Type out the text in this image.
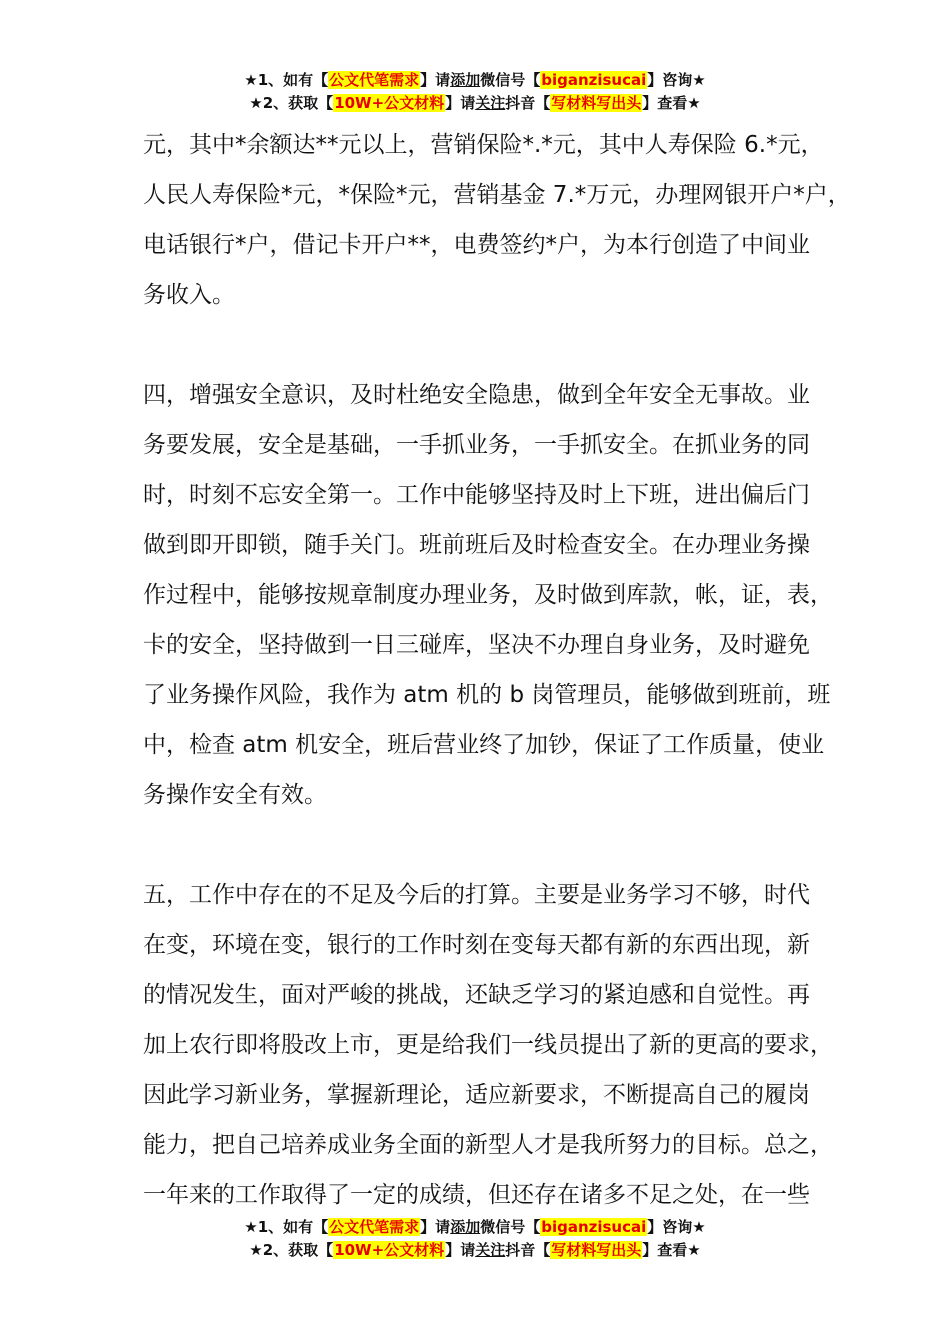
★1、如有【公文代笔需求】请添加微信号【biganzisucai】咨询★
★2、获取【10W+公文材料】请关注抖音【写材料写出头】查看★
元，其中*余额达**元以上，营销保险*.*元，其中人寿保险 6.*元，
人民人寿保险*元，*保险*元，营销基金 7.*万元，办理网银开户*户，
电话银行*户，借记卡开户**，电费签约*户，为本行创造了中间业
务收入。
四，增强安全意识，及时杜绝安全隐患，做到全年安全无事故。业
务要发展，安全是基础，一手抓业务，一手抓安全。在抓业务的同
时，时刻不忘安全第一。工作中能够坚持及时上下班，进出偏后门
做到即开即锁，随手关门。班前班后及时检查安全。在办理业务操
作过程中，能够按规章制度办理业务，及时做到库款，帐，证，表，
卡的安全，坚持做到一日三碰库，坚决不办理自身业务，及时避免
了业务操作风险，我作为 atm 机的 b 岗管理员，能够做到班前，班
中，检查 atm 机安全，班后营业终了加钞，保证了工作质量，使业
务操作安全有效。
五，工作中存在的不足及今后的打算。主要是业务学习不够，时代
在变，环境在变，银行的工作时刻在变每天都有新的东西出现，新
的情况发生，面对严峻的挑战，还缺乏学习的紧迫感和自觉性。再
加上农行即将股改上市，更是给我们一线员提出了新的更高的要求，
因此学习新业务，掌握新理论，适应新要求，不断提高自己的履岗
能力，把自己培养成业务全面的新型人才是我所努力的目标。总之，
一年来的工作取得了一定的成绩，但还存在诸多不足之处，在一些
★1、如有【公文代笔需求】请添加微信号【biganzisucai】咨询★
★2、获取【10W+公文材料】请关注抖音【写材料写出头】查看★
